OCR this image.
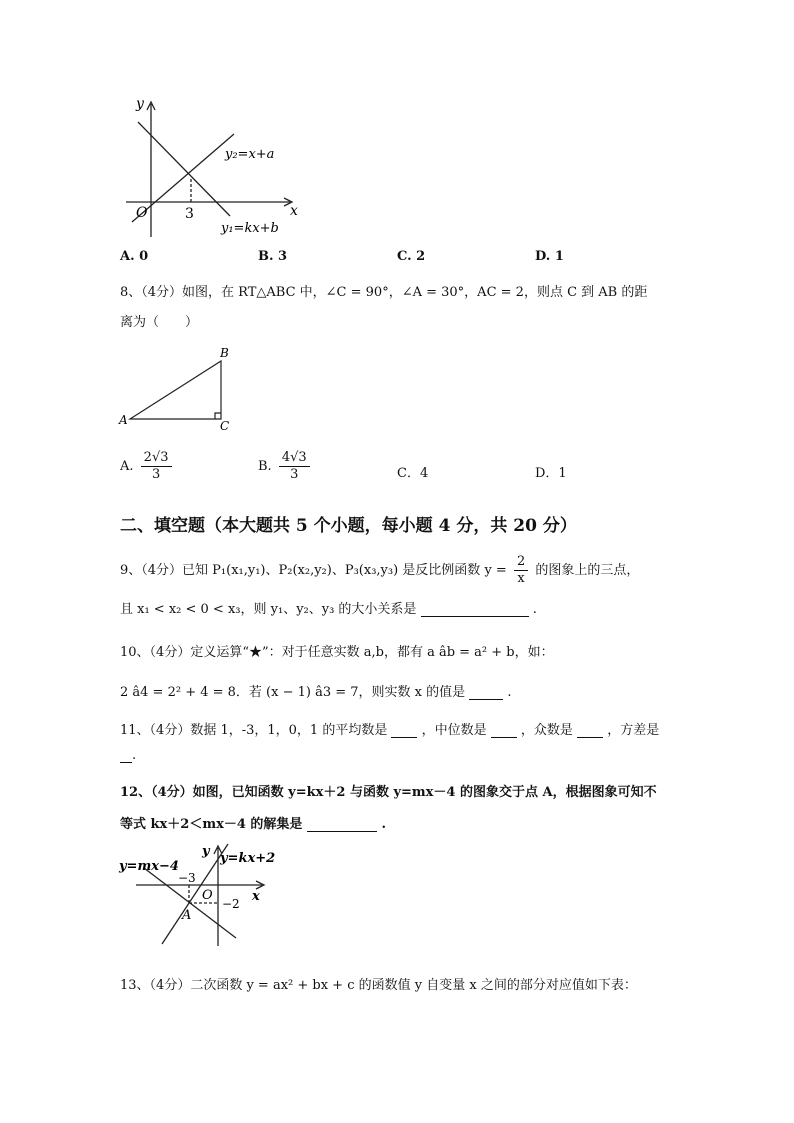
y
x
O	3
y₂=x+a
y₁=kx+b
A. 0	B. 3	C. 2	D. 1
8、（4分）如图，在 RT△ABC 中，∠C = 90°，∠A = 30°，AC = 2，则点 C 到 AB 的距
离为（　　）
A
B
C
A. $\frac{2√3}{3}$	B. $\frac{4√3}{3}$	C．4	D．1
二、填空题（本大题共 5 个小题，每小题 4 分，共 20 分）
9、（4分）已知 P₁(x₁,y₁)、P₂(x₂,y₂)、P₃(x₃,y₃) 是反比例函数 $y = \frac{2}{x}$ 的图象上的三点，
且 x₁ < x₂ < 0 < x₃，则 y₁、y₂、y₃ 的大小关系是	.
10、（4分）定义运算“★”：对于任意实数 a,b，都有 a âb = a² + b，如：
2 â4 = 2² + 4 = 8．若 (x − 1) â3 = 7，则实数 x 的值是	.
11、（4分）数据 1，-3，1，0，1 的平均数是	，中位数是	，众数是	，方差是
.
12、（4分）如图，已知函数 y=kx＋2 与函数 y=mx－4 的图象交于点 A，根据图象可知不
等式 kx＋2＜mx－4 的解集是	.
y=mx−4
y=kx+2
y
x
O
−3
−2
A
13、（4分）二次函数 y = ax² + bx + c 的函数值 y 自变量 x 之间的部分对应值如下表：
